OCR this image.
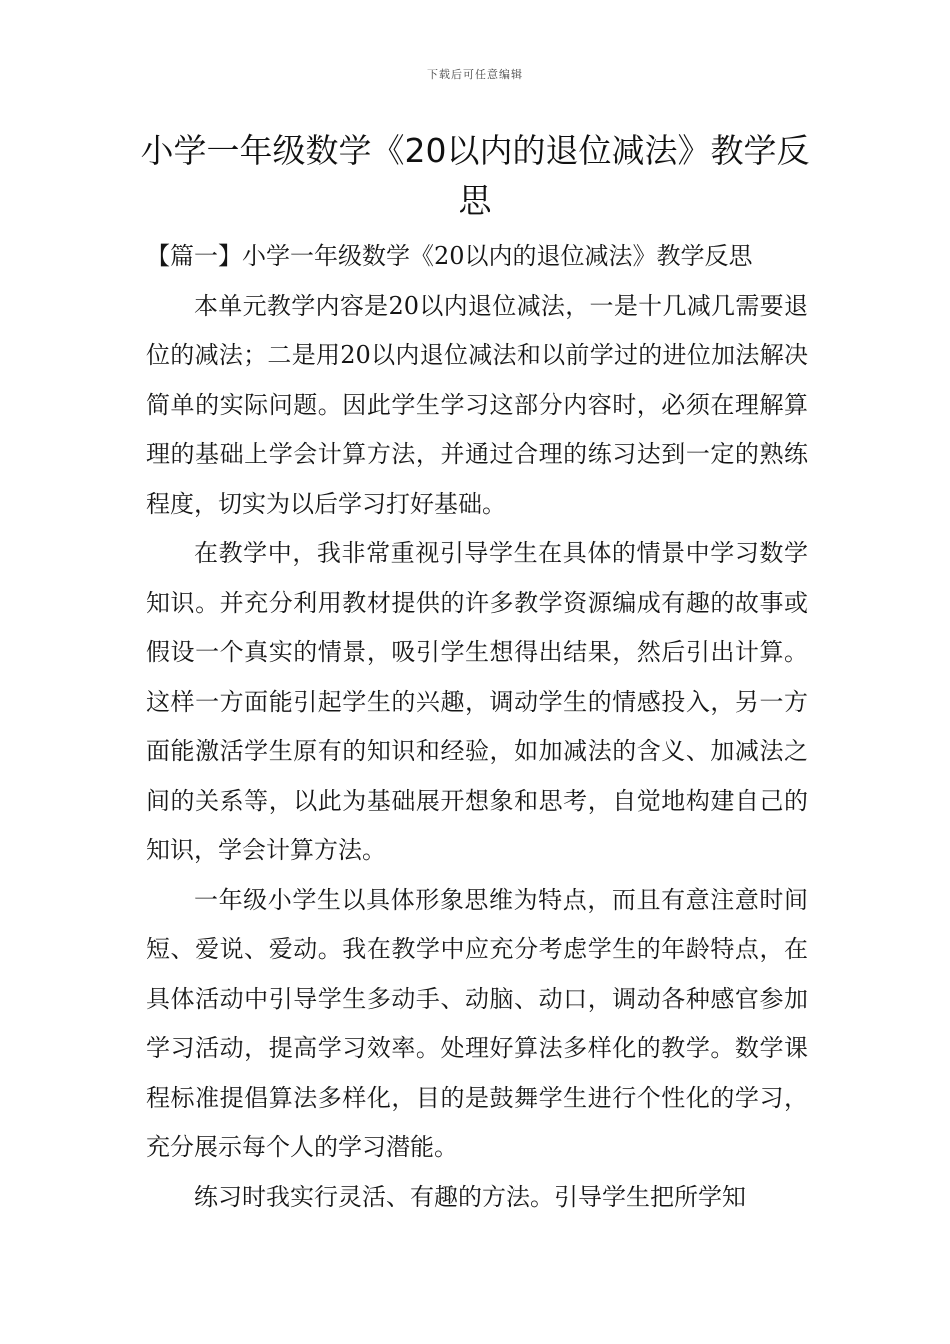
下载后可任意编辑
小学一年级数学《20以内的退位减法》教学反思

【篇一】小学一年级数学《20以内的退位减法》教学反思

本单元教学内容是20以内退位减法，一是十几减几需要退位的减法；二是用20以内退位减法和以前学过的进位加法解决简单的实际问题。因此学生学习这部分内容时，必须在理解算理的基础上学会计算方法，并通过合理的练习达到一定的熟练程度，切实为以后学习打好基础。

在教学中，我非常重视引导学生在具体的情景中学习数学知识。并充分利用教材提供的许多教学资源编成有趣的故事或假设一个真实的情景，吸引学生想得出结果，然后引出计算。这样一方面能引起学生的兴趣，调动学生的情感投入，另一方面能激活学生原有的知识和经验，如加减法的含义、加减法之间的关系等，以此为基础展开想象和思考，自觉地构建自己的知识，学会计算方法。

一年级小学生以具体形象思维为特点，而且有意注意时间短、爱说、爱动。我在教学中应充分考虑学生的年龄特点，在具体活动中引导学生多动手、动脑、动口，调动各种感官参加学习活动，提高学习效率。处理好算法多样化的教学。数学课程标准提倡算法多样化，目的是鼓舞学生进行个性化的学习，充分展示每个人的学习潜能。

练习时我实行灵活、有趣的方法。引导学生把所学知
